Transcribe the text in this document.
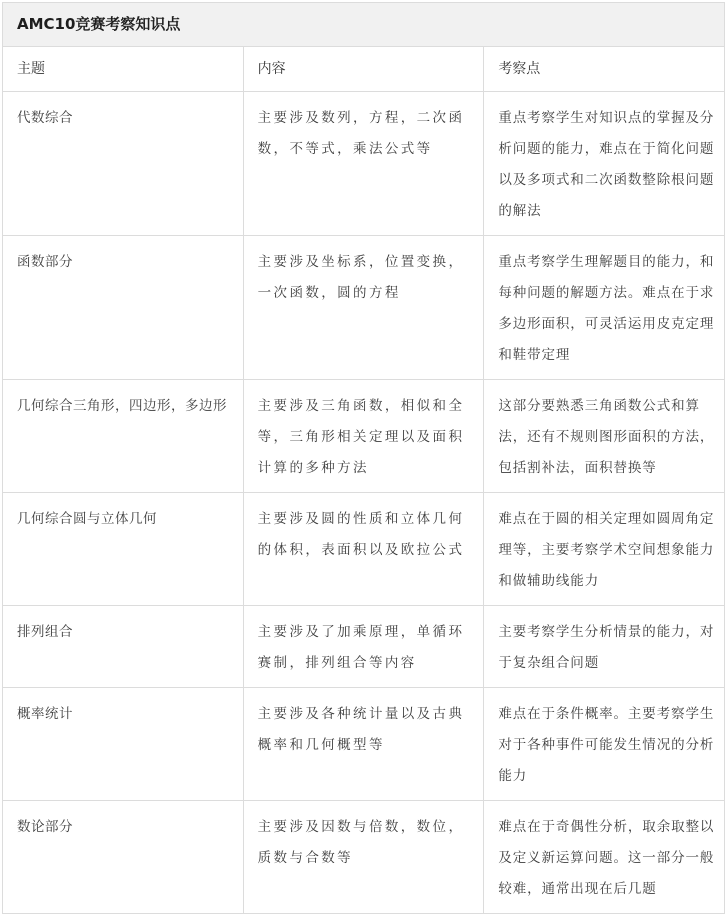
AMC10竞赛考察知识点		
主题	内容	考察点
代数综合	主要涉及数列，方程，二次函数，不等式，乘法公式等	重点考察学生对知识点的掌握及分析问题的能力，难点在于简化问题以及多项式和二次函数整除根问题的解法
函数部分	主要涉及坐标系，位置变换，一次函数，圆的方程	重点考察学生理解题目的能力，和每种问题的解题方法。难点在于求多边形面积，可灵活运用皮克定理和鞋带定理
几何综合三角形，四边形，多边形	主要涉及三角函数，相似和全等，三角形相关定理以及面积计算的多种方法	这部分要熟悉三角函数公式和算法，还有不规则图形面积的方法，包括割补法，面积替换等
几何综合圆与立体几何	主要涉及圆的性质和立体几何的体积，表面积以及欧拉公式	难点在于圆的相关定理如圆周角定理等，主要考察学术空间想象能力和做辅助线能力
排列组合	主要涉及了加乘原理，单循环赛制，排列组合等内容	主要考察学生分析情景的能力，对于复杂组合问题
概率统计	主要涉及各种统计量以及古典概率和几何概型等	难点在于条件概率。主要考察学生对于各种事件可能发生情况的分析能力
数论部分	主要涉及因数与倍数，数位，质数与合数等	难点在于奇偶性分析，取余取整以及定义新运算问题。这一部分一般较难，通常出现在后几题
